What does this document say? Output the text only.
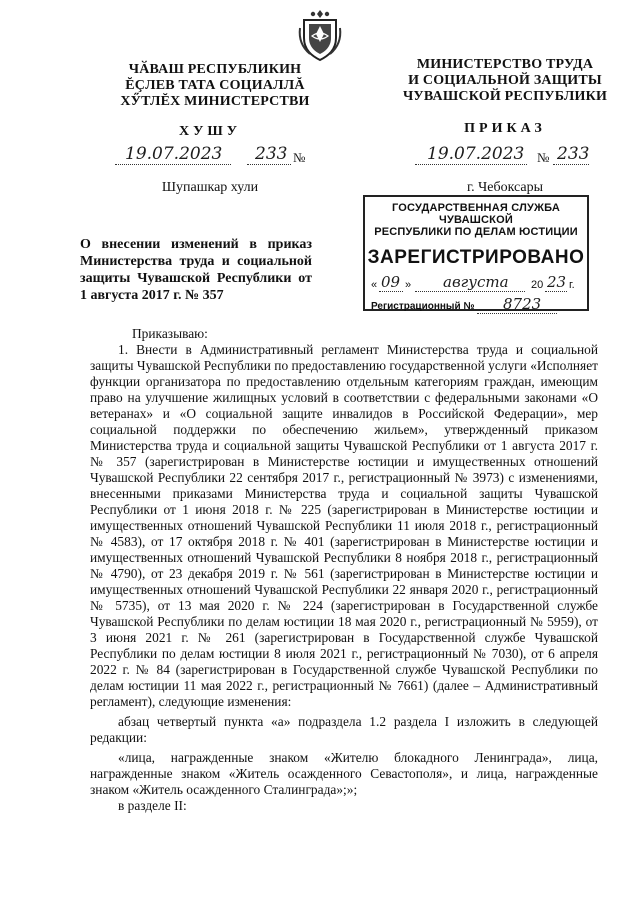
ЧӐВАШ РЕСПУБЛИКИН
ĔÇЛЕВ ТАТА СОЦИАЛЛĂ
ХӲТЛĔХ МИНИСТЕРСТВИ
МИНИСТЕРСТВО ТРУДА
И СОЦИАЛЬНОЙ ЗАЩИТЫ
ЧУВАШСКОЙ РЕСПУБЛИКИ
ХУШУ	ПРИКАЗ
19.07.2023 233 №	19.07.2023 № 233
Шупашкар хули	г. Чебоксары
О внесении изменений в приказ Министерства труда и социальной защиты Чувашской Республики от 1 августа 2017 г. № 357
ГОСУДАРСТВЕННАЯ СЛУЖБА ЧУВАШСКОЙ
РЕСПУБЛИКИ ПО ДЕЛАМ ЮСТИЦИИ
ЗАРЕГИСТРИРОВАНО
« 09 » августа 20 23 г.
Регистрационный № 8723

Приказываю:

1. Внести в Административный регламент Министерства труда и социальной защиты Чувашской Республики по предоставлению государственной услуги «Исполняет функции организатора по предоставлению отдельным категориям граждан, имеющим право на улучшение жилищных условий в соответствии с федеральными законами «О ветеранах» и «О социальной защите инвалидов в Российской Федерации», мер социальной поддержки по обеспечению жильем», утвержденный приказом Министерства труда и социальной защиты Чувашской Республики от 1 августа 2017 г. № 357 (зарегистрирован в Министерстве юстиции и имущественных отношений Чувашской Республики 22 сентября 2017 г., регистрационный № 3973) с изменениями, внесенными приказами Министерства труда и социальной защиты Чувашской Республики от 1 июня 2018 г. № 225 (зарегистрирован в Министерстве юстиции и имущественных отношений Чувашской Республики 11 июля 2018 г., регистрационный № 4583), от 17 октября 2018 г. № 401 (зарегистрирован в Министерстве юстиции и имущественных отношений Чувашской Республики 8 ноября 2018 г., регистрационный № 4790), от 23 декабря 2019 г. № 561 (зарегистрирован в Министерстве юстиции и имущественных отношений Чувашской Республики 22 января 2020 г., регистрационный № 5735), от 13 мая 2020 г. № 224 (зарегистрирован в Государственной службе Чувашской Республики по делам юстиции 18 мая 2020 г., регистрационный № 5959), от 3 июня 2021 г. № 261 (зарегистрирован в Государственной службе Чувашской Республики по делам юстиции 8 июля 2021 г., регистрационный № 7030), от 6 апреля 2022 г. № 84 (зарегистрирован в Государственной службе Чувашской Республики по делам юстиции 11 мая 2022 г., регистрационный № 7661) (далее – Административный регламент), следующие изменения:

абзац четвертый пункта «а» подраздела 1.2 раздела I изложить в следующей редакции:

«лица, награжденные знаком «Жителю блокадного Ленинграда», лица, награжденные знаком «Житель осажденного Севастополя», и лица, награжденные знаком «Житель осажденного Сталинграда»;»;

в разделе II:
